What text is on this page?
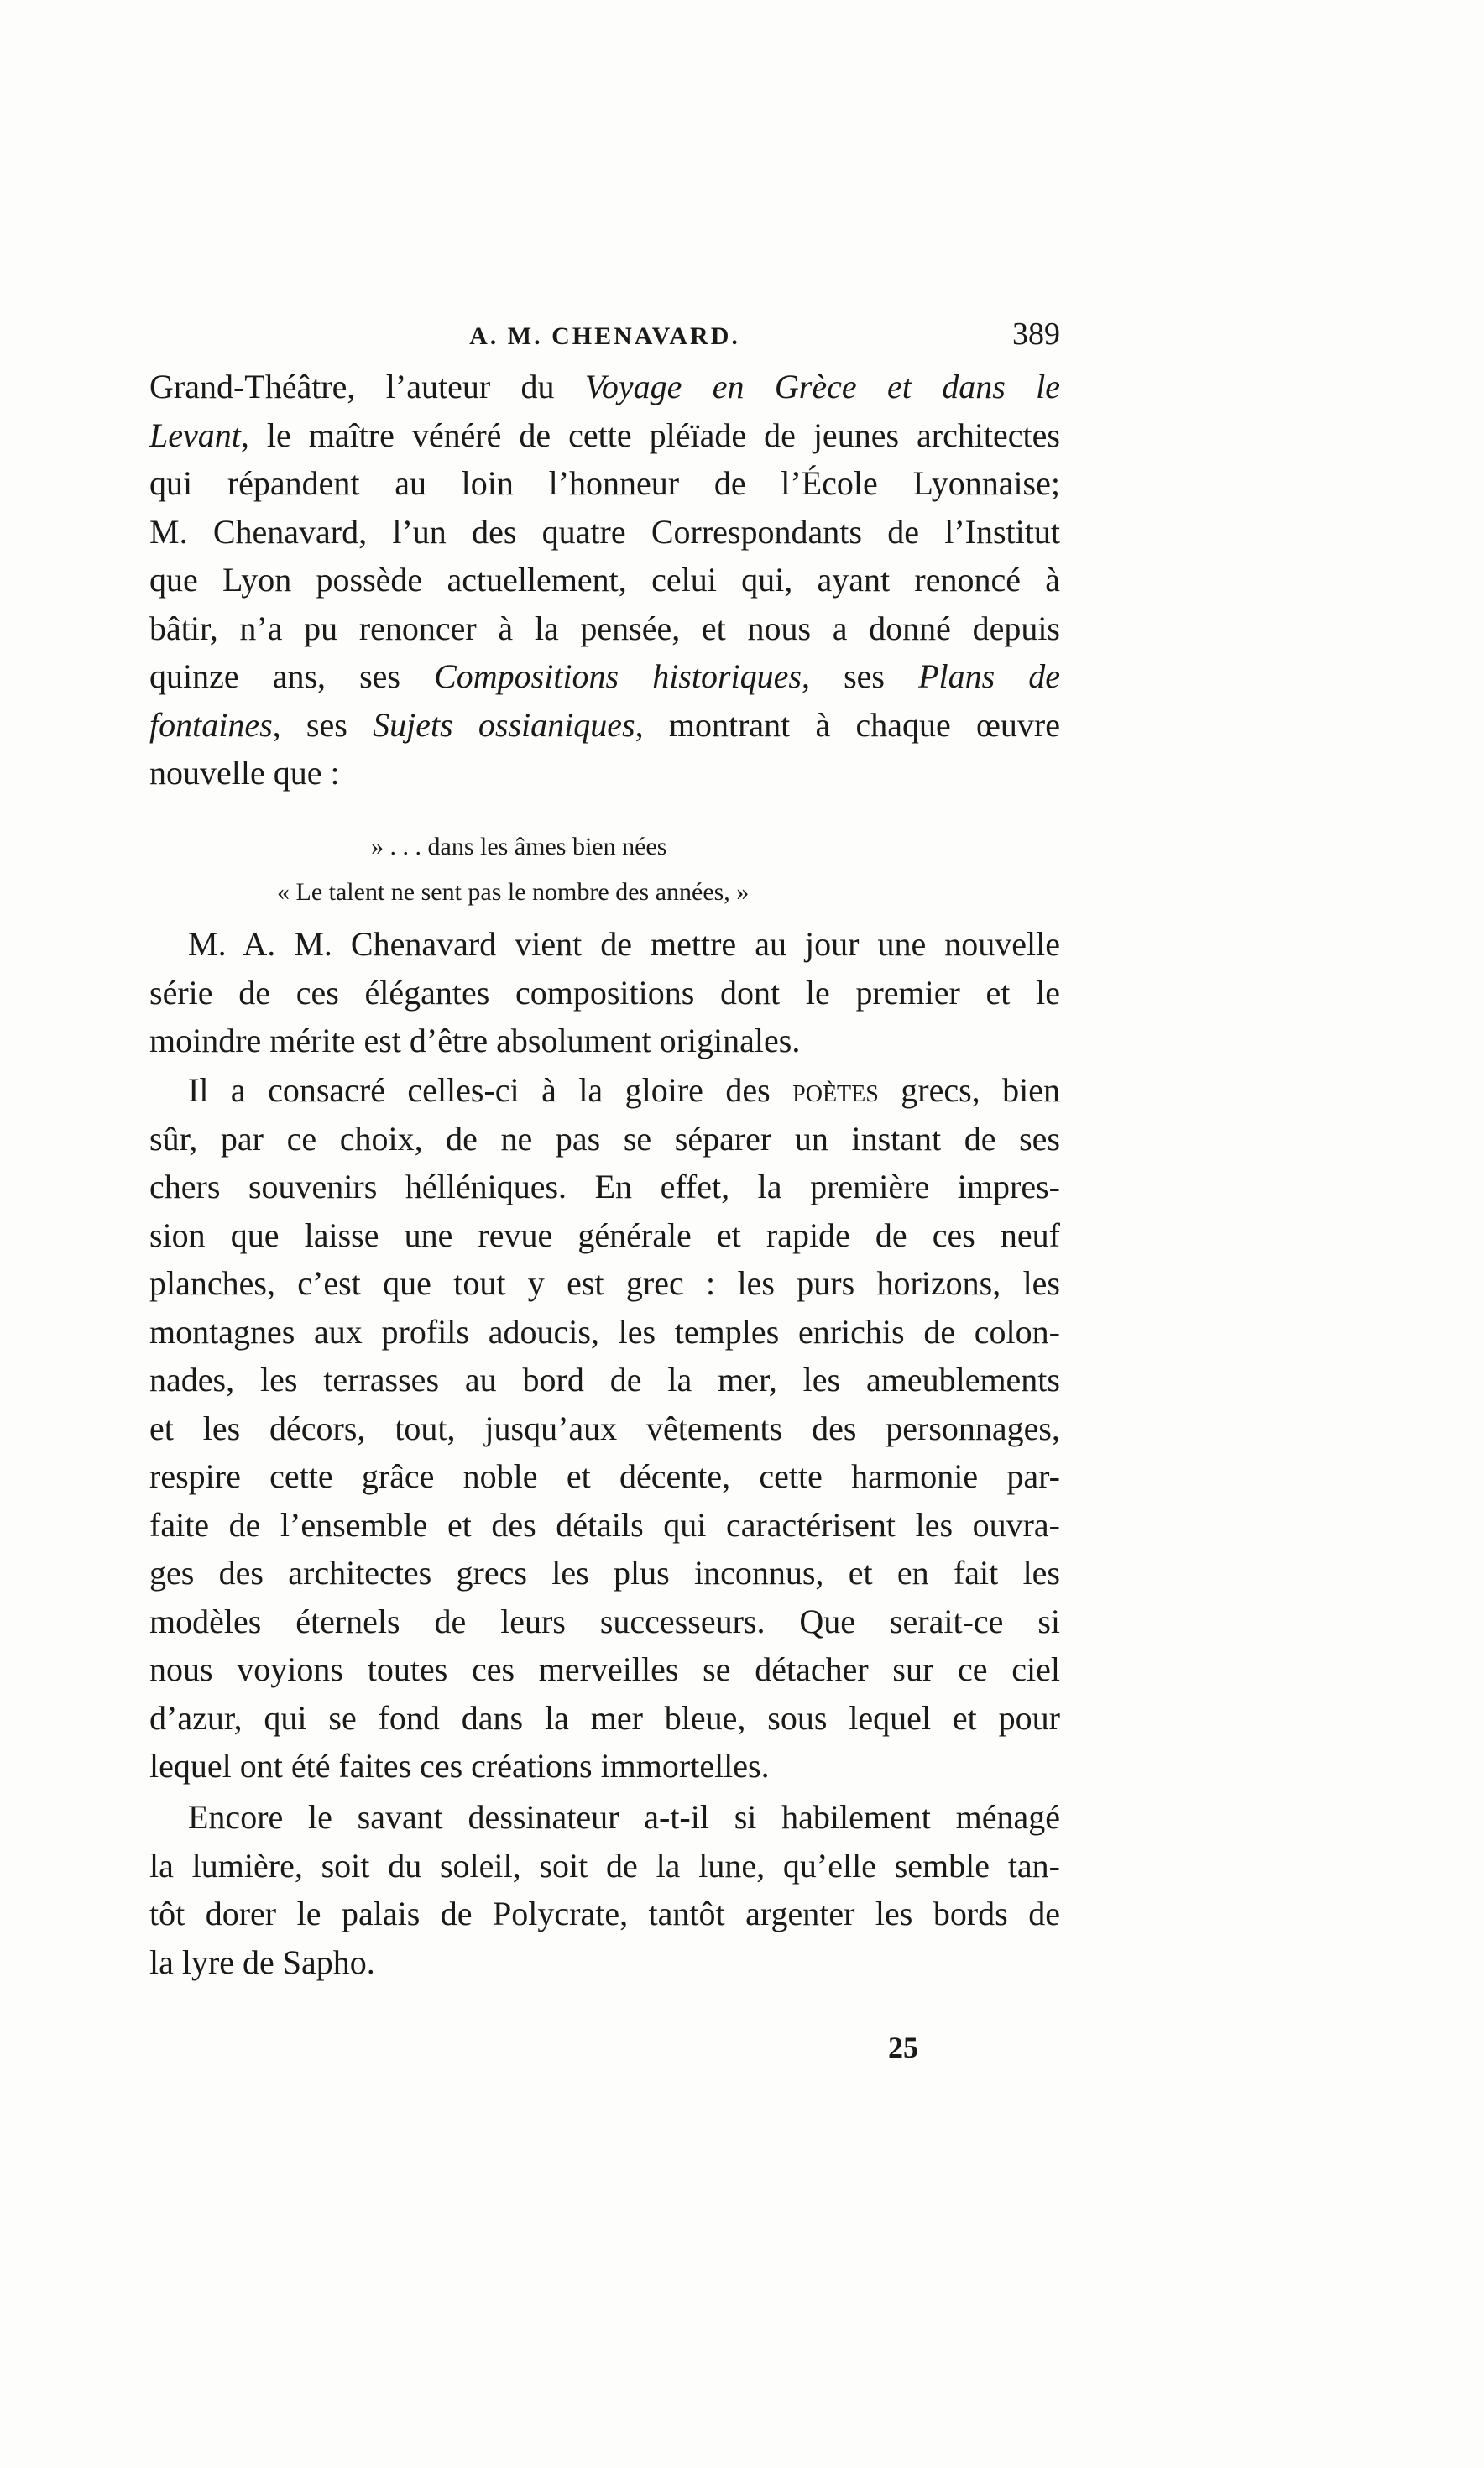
A. M. CHENAVARD.	389
Grand-Théâtre, l’auteur du Voyage en Grèce et dans le
Levant, le maître vénéré de cette pléïade de jeunes architectes
qui répandent au loin l’honneur de l’École Lyonnaise;
M. Chenavard, l’un des quatre Correspondants de l’Institut
que Lyon possède actuellement, celui qui, ayant renoncé à
bâtir, n’a pu renoncer à la pensée, et nous a donné depuis
quinze ans, ses Compositions historiques, ses Plans de
fontaines, ses Sujets ossianiques, montrant à chaque œuvre
nouvelle que :
» . . . dans les âmes bien nées
« Le talent ne sent pas le nombre des années, »
M. A. M. Chenavard vient de mettre au jour une nouvelle
série de ces élégantes compositions dont le premier et le
moindre mérite est d’être absolument originales.
Il a consacré celles-ci à la gloire des poètes grecs, bien
sûr, par ce choix, de ne pas se séparer un instant de ses
chers souvenirs hélléniques. En effet, la première impres-
sion que laisse une revue générale et rapide de ces neuf
planches, c’est que tout y est grec : les purs horizons, les
montagnes aux profils adoucis, les temples enrichis de colon-
nades, les terrasses au bord de la mer, les ameublements
et les décors, tout, jusqu’aux vêtements des personnages,
respire cette grâce noble et décente, cette harmonie par-
faite de l’ensemble et des détails qui caractérisent les ouvra-
ges des architectes grecs les plus inconnus, et en fait les
modèles éternels de leurs successeurs. Que serait-ce si
nous voyions toutes ces merveilles se détacher sur ce ciel
d’azur, qui se fond dans la mer bleue, sous lequel et pour
lequel ont été faites ces créations immortelles.
Encore le savant dessinateur a-t-il si habilement ménagé
la lumière, soit du soleil, soit de la lune, qu’elle semble tan-
tôt dorer le palais de Polycrate, tantôt argenter les bords de
la lyre de Sapho.
25
